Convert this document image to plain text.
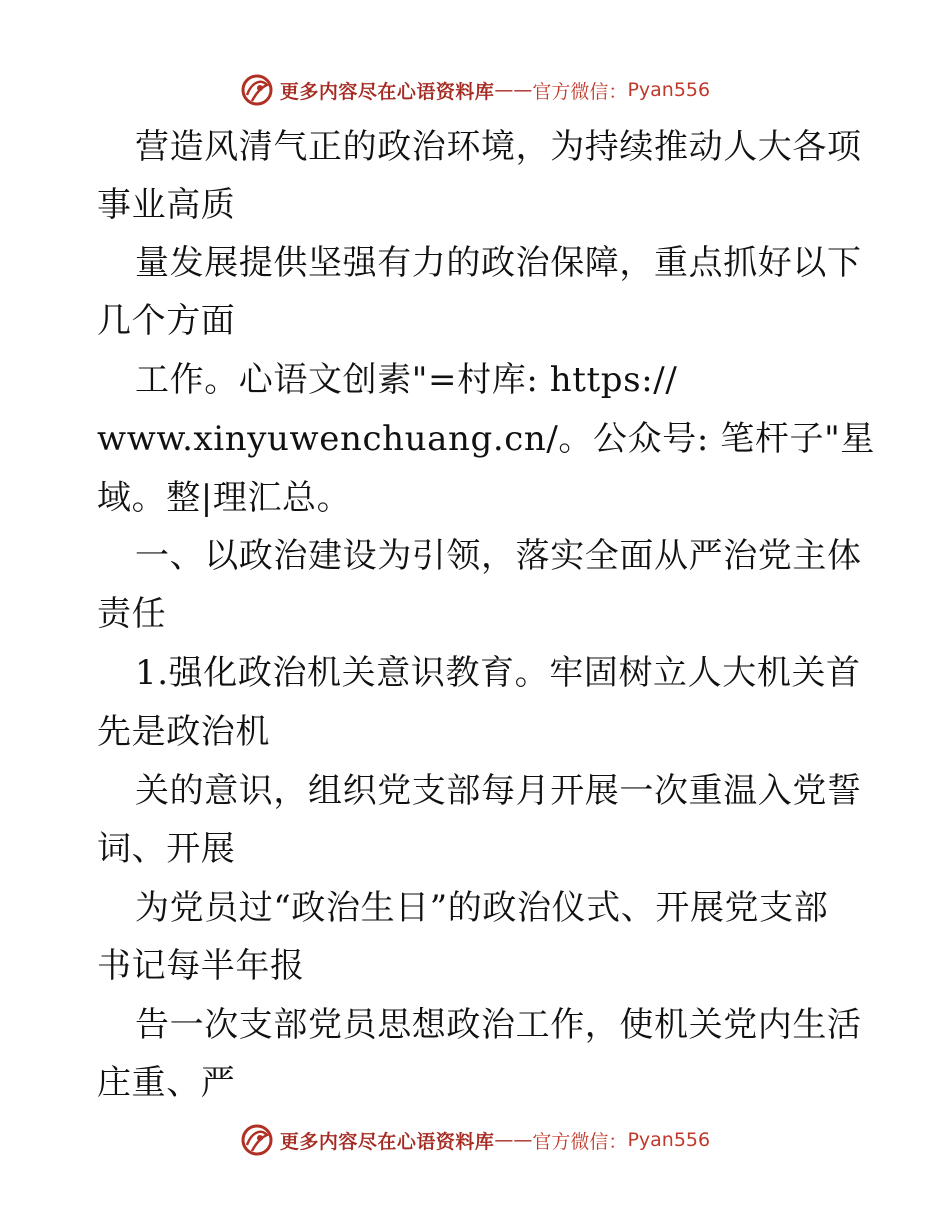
更多内容尽在心语资料库 —— 官方微信： Pyan556
营造风清气正的政治环境，为持续推动人大各项
事业高质
量发展提供坚强有力的政治保障，重点抓好以下
几个方面
工作。心语文创素"=村库: https://
www.xinyuwenchuang.cn/。公众号: 笔杆子"星
域。整|理汇总。
一、以政治建设为引领，落实全面从严治党主体
责任
1.强化政治机关意识教育。牢固树立人大机关首
先是政治机
关的意识，组织党支部每月开展一次重温入党誓
词、开展
为党员过“政治生日”的政治仪式、开展党支部
书记每半年报
告一次支部党员思想政治工作，使机关党内生活
庄重、严
更多内容尽在心语资料库 —— 官方微信： Pyan556
